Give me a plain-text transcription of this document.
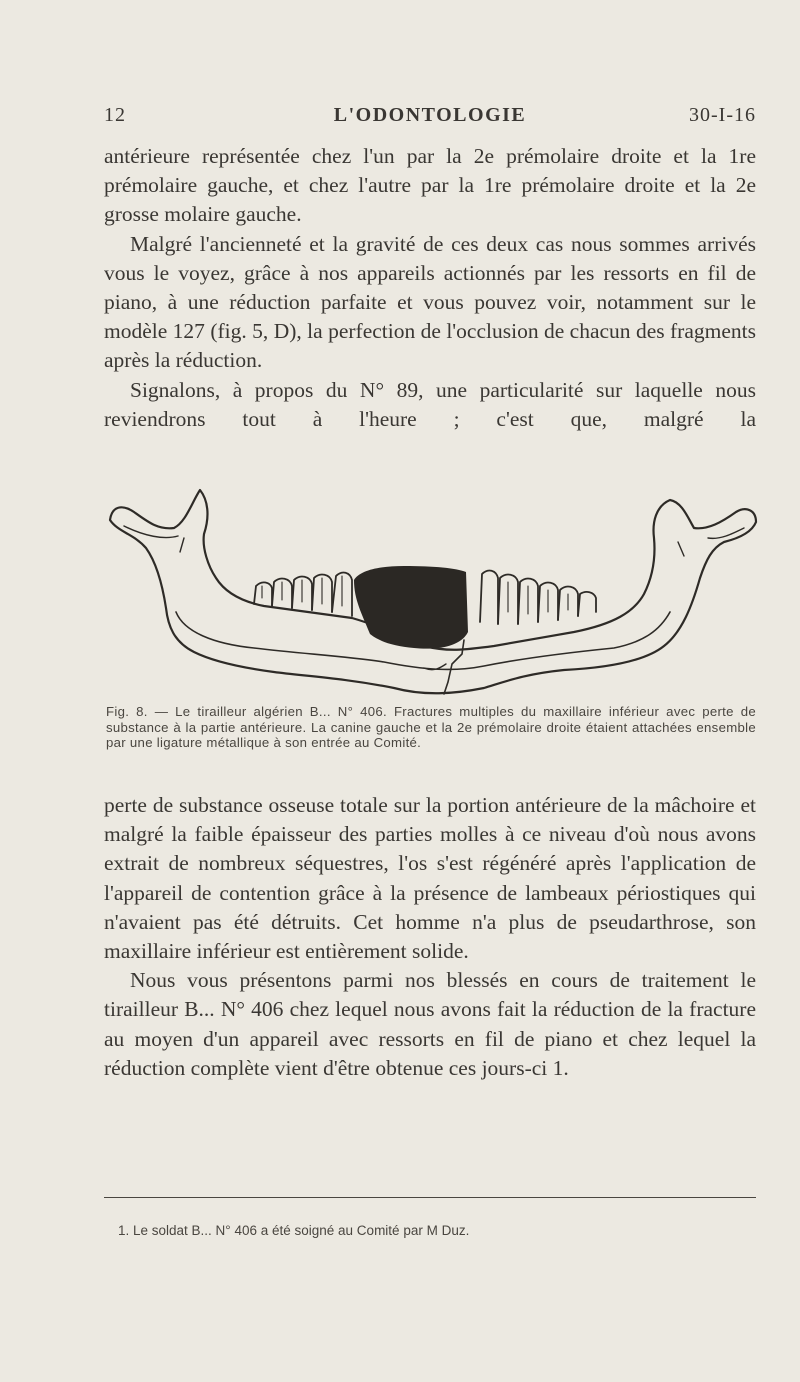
12	L'ODONTOLOGIE	30-I-16

antérieure représentée chez l'un par la 2e prémolaire droite et la 1re prémolaire gauche, et chez l'autre par la 1re prémolaire droite et la 2e grosse molaire gauche.

Malgré l'ancienneté et la gravité de ces deux cas nous sommes arrivés vous le voyez, grâce à nos appareils actionnés par les ressorts en fil de piano, à une réduction parfaite et vous pouvez voir, notamment sur le modèle 127 (fig. 5, D), la perfection de l'occlusion de chacun des fragments après la réduction.

Signalons, à propos du N° 89, une particularité sur laquelle nous reviendrons tout à l'heure ; c'est que, malgré la

Fig. 8. — Le tirailleur algérien B... N° 406. Fractures multiples du maxillaire inférieur avec perte de substance à la partie antérieure. La canine gauche et la 2e prémolaire droite étaient attachées ensemble par une ligature métallique à son entrée au Comité.

perte de substance osseuse totale sur la portion antérieure de la mâchoire et malgré la faible épaisseur des parties molles à ce niveau d'où nous avons extrait de nombreux séquestres, l'os s'est régénéré après l'application de l'appareil de contention grâce à la présence de lambeaux périostiques qui n'avaient pas été détruits. Cet homme n'a plus de pseudarthrose, son maxillaire inférieur est entièrement solide.

Nous vous présentons parmi nos blessés en cours de traitement le tirailleur B... N° 406 chez lequel nous avons fait la réduction de la fracture au moyen d'un appareil avec ressorts en fil de piano et chez lequel la réduction complète vient d'être obtenue ces jours-ci 1.

1. Le soldat B... N° 406 a été soigné au Comité par M Duz.
